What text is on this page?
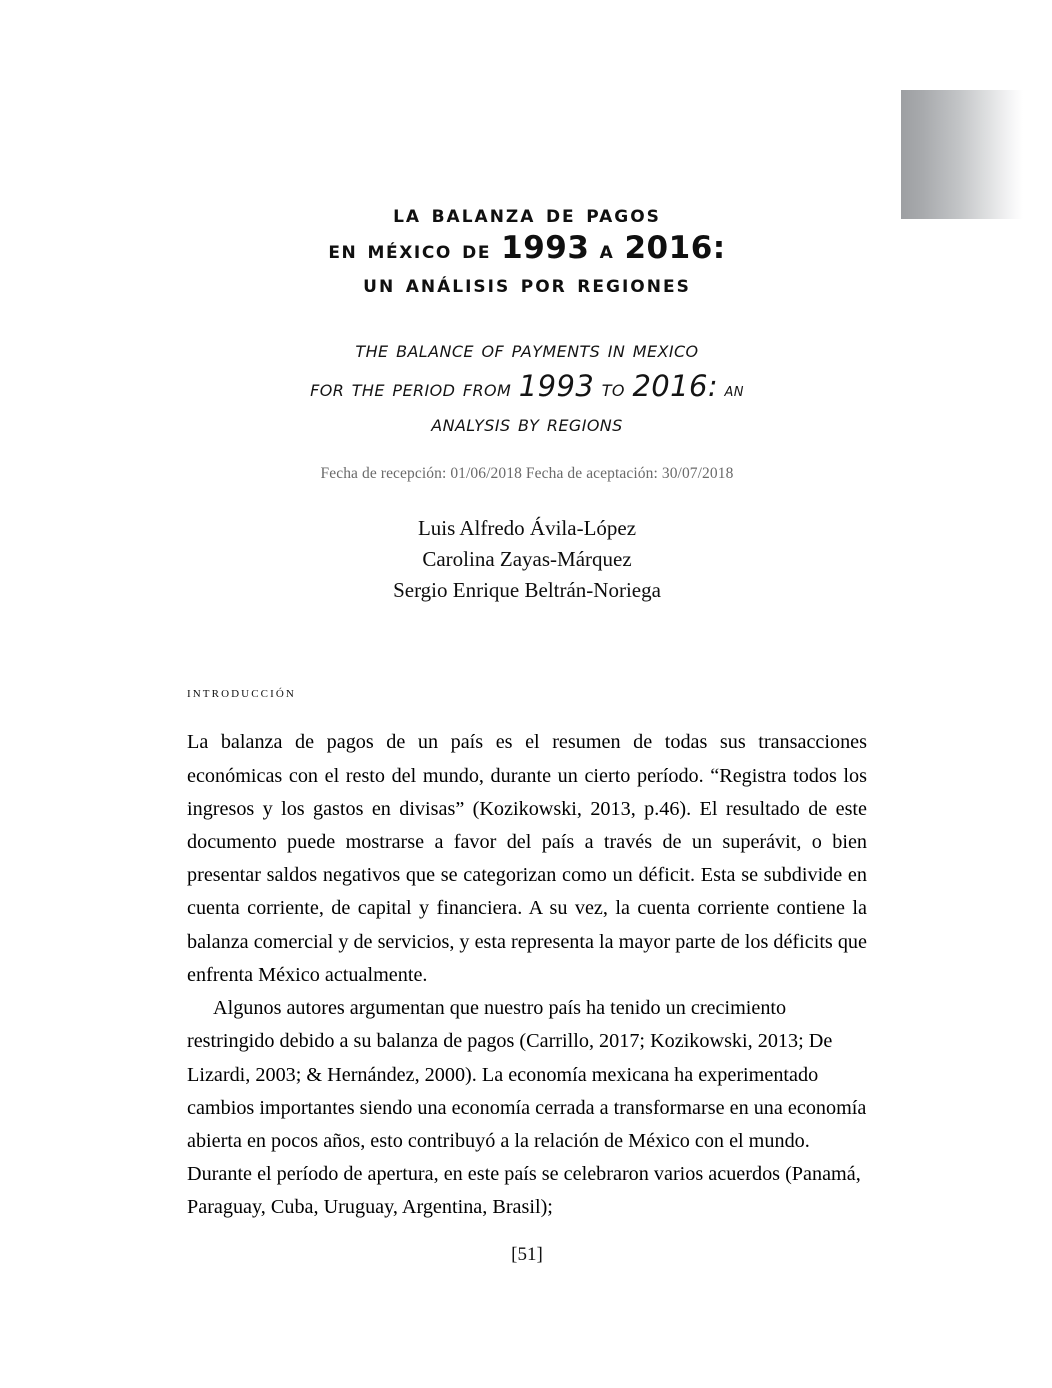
la balanza de pagos
en méxico de 1993 a 2016:
un análisis por regiones
the balance of payments in mexico
for the period from 1993 to 2016: an
analysis by regions
Fecha de recepción: 01/06/2018 Fecha de aceptación: 30/07/2018
Luis Alfredo Ávila-López
Carolina Zayas-Márquez
Sergio Enrique Beltrán-Noriega
introducción

La balanza de pagos de un país es el resumen de todas sus transacciones económicas con el resto del mundo, durante un cierto período. “Registra todos los ingresos y los gastos en divisas” (Kozikowski, 2013, p.46). El resultado de este documento puede mostrarse a favor del país a través de un superávit, o bien presentar saldos negativos que se categorizan como un déficit. Esta se subdivide en cuenta corriente, de capital y financiera. A su vez, la cuenta corriente contiene la balanza comercial y de servicios, y esta representa la mayor parte de los déficits que enfrenta México actualmente.

Algunos autores argumentan que nuestro país ha tenido un crecimiento restringido debido a su balanza de pagos (Carrillo, 2017; Kozikowski, 2013; De Lizardi, 2003; & Hernández, 2000). La economía mexicana ha experimentado cambios importantes siendo una economía cerrada a transformarse en una economía abierta en pocos años, esto contribuyó a la relación de México con el mundo. Durante el período de apertura, en este país se celebraron varios acuerdos (Panamá, Paraguay, Cuba, Uruguay, Argentina, Brasil);

[51]
